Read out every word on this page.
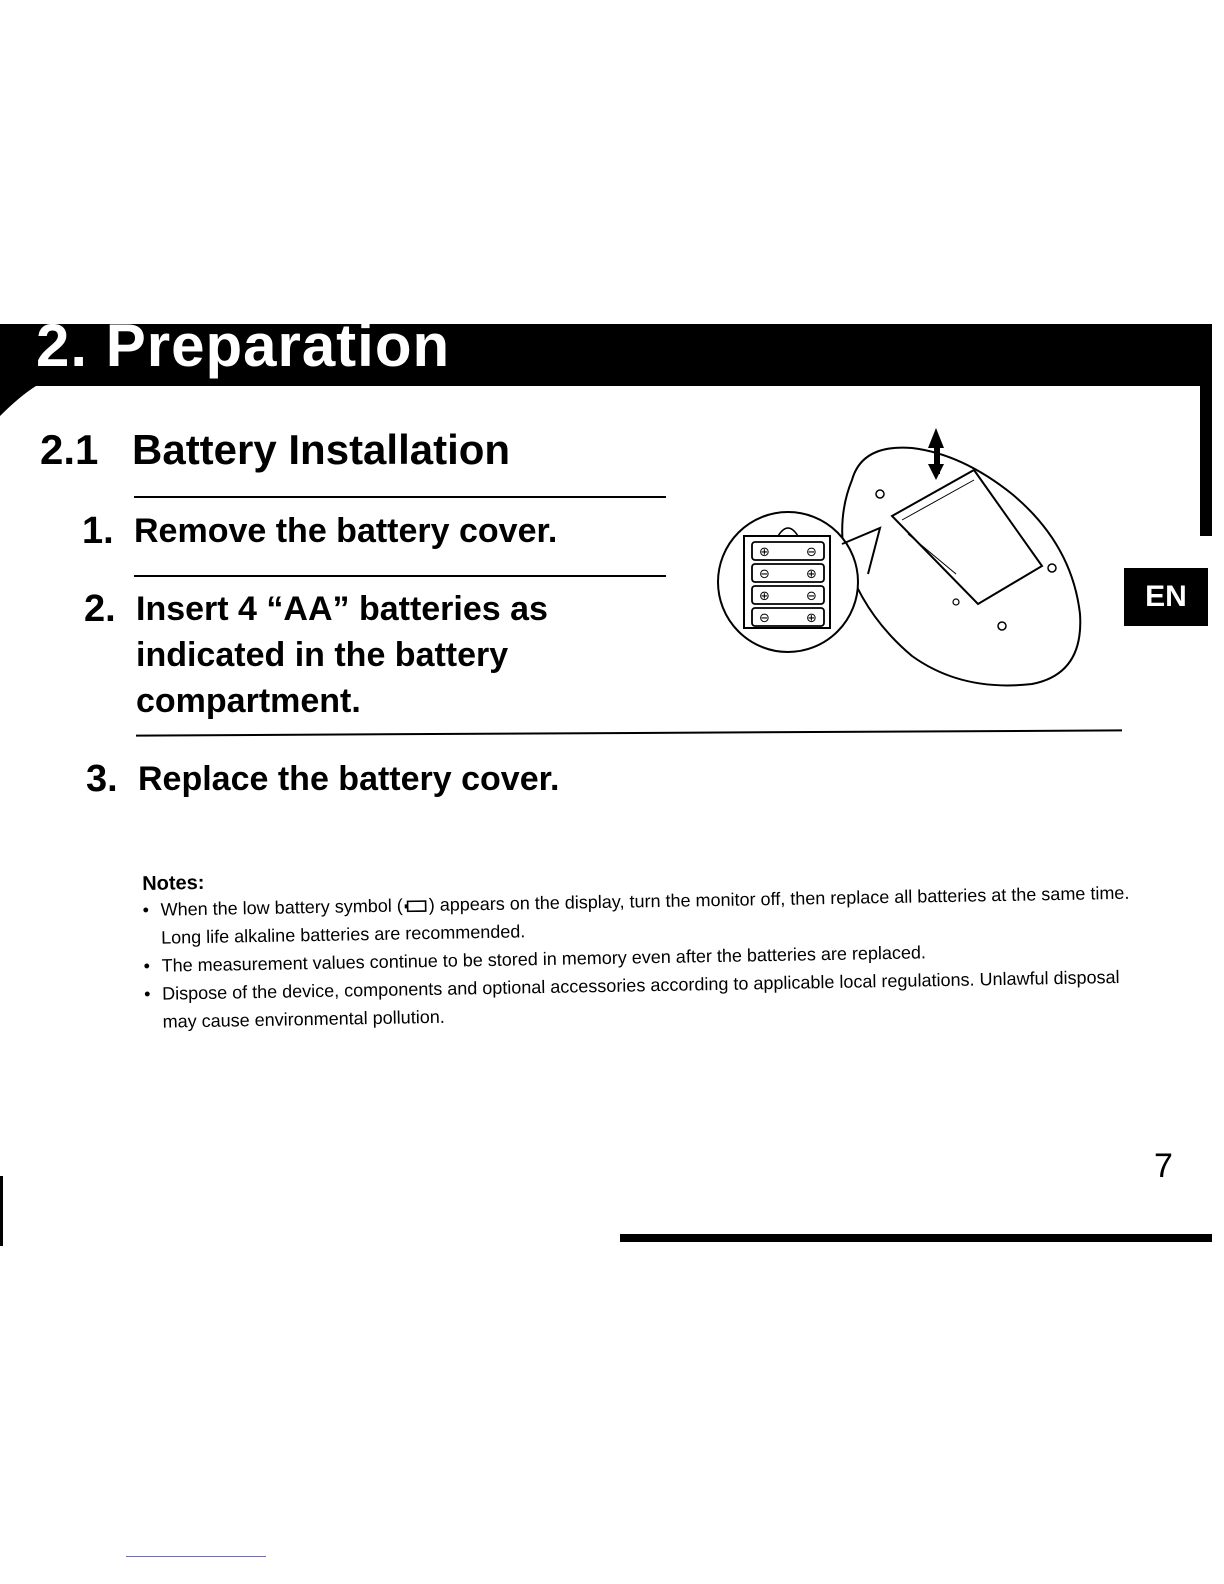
2. Preparation
2.1 Battery Installation

1. Remove the battery cover.

2. Insert 4 “AA” batteries as indicated in the battery compartment.

3. Replace the battery cover.

⊕	⊖
⊖	⊕
⊕	⊖
⊖	⊕
EN

Notes:

• When the low battery symbol ( ) appears on the display, turn the monitor off, then replace all batteries at the same time. Long life alkaline batteries are recommended.
• The measurement values continue to be stored in memory even after the batteries are replaced.
• Dispose of the device, components and optional accessories according to applicable local regulations. Unlawful disposal may cause environmental pollution.
7
